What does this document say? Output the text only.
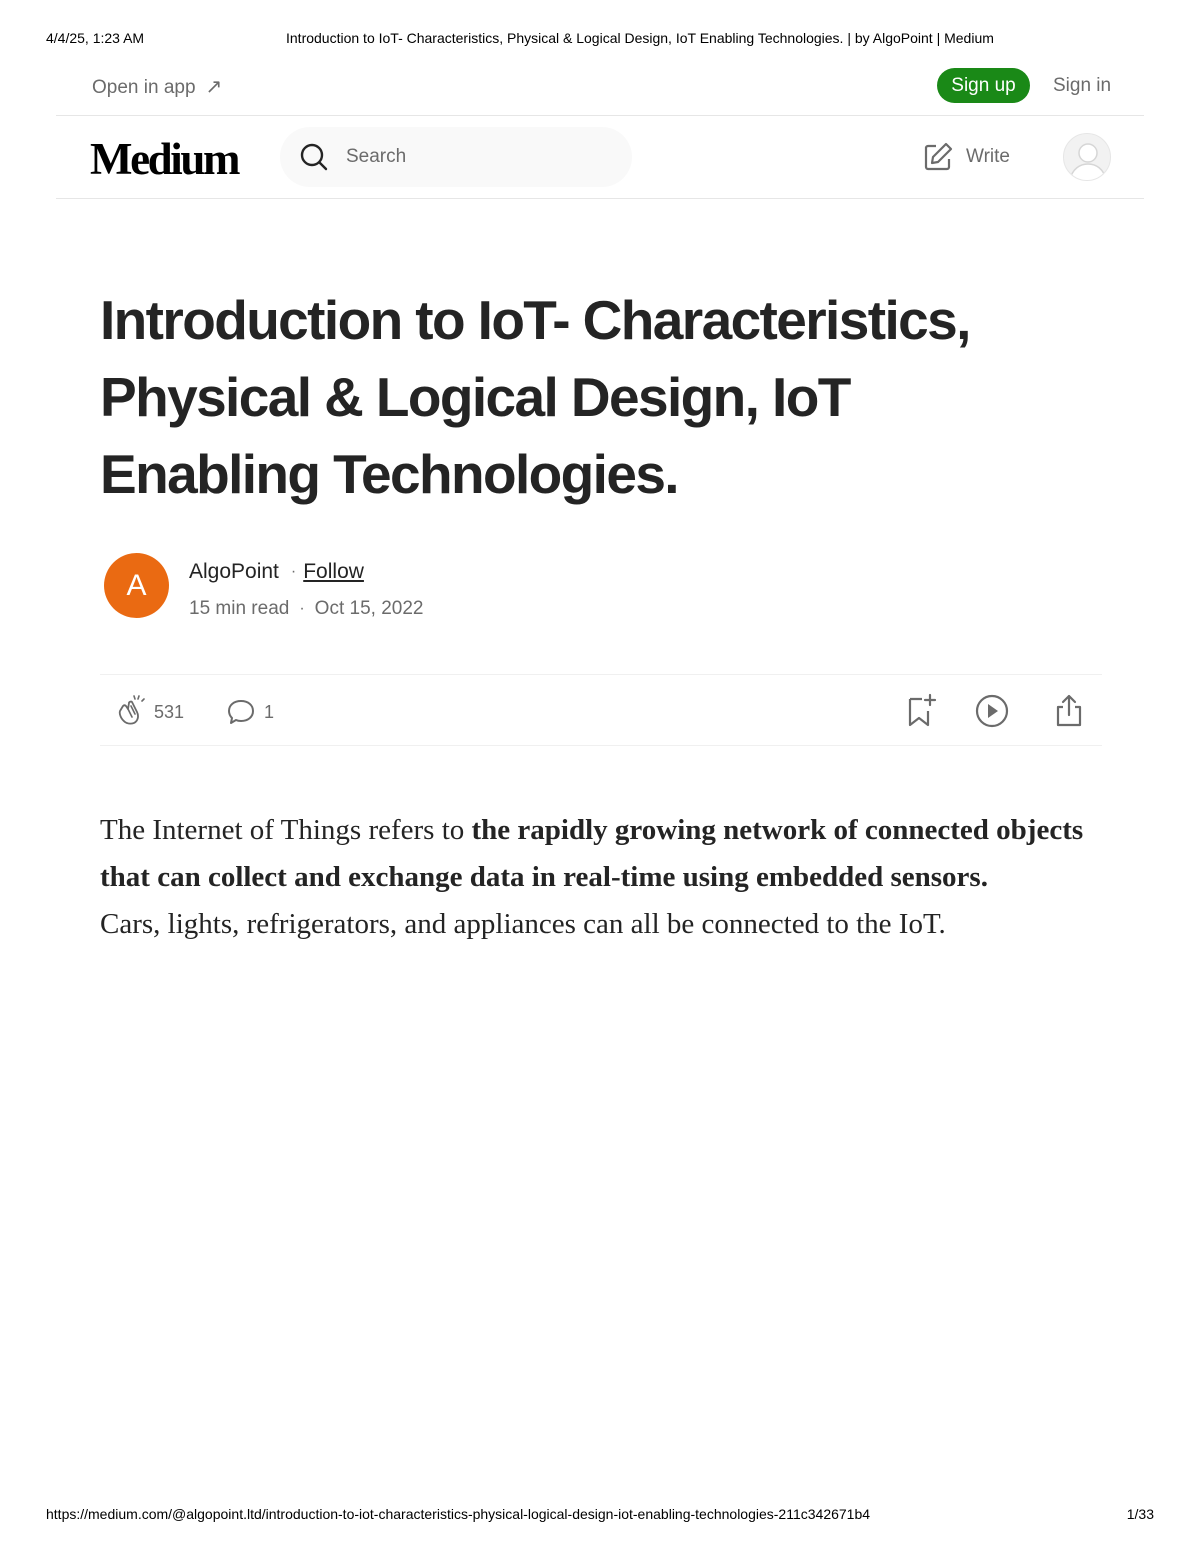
4/4/25, 1:23 AM	Introduction to IoT- Characteristics, Physical & Logical Design, IoT Enabling Technologies. | by AlgoPoint | Medium
Open in app ↗	Sign up	Sign in
Medium
Search	Write
Introduction to IoT- Characteristics,
Physical & Logical Design, IoT
Enabling Technologies.
A	AlgoPoint · Follow
15 min read · Oct 15, 2022
531	1

The Internet of Things refers to the rapidly growing network of connected objects that can collect and exchange data in real-time using embedded sensors.

Cars, lights, refrigerators, and appliances can all be connected to the IoT.

https://medium.com/@algopoint.ltd/introduction-to-iot-characteristics-physical-logical-design-iot-enabling-technologies-211c342671b4	1/33
